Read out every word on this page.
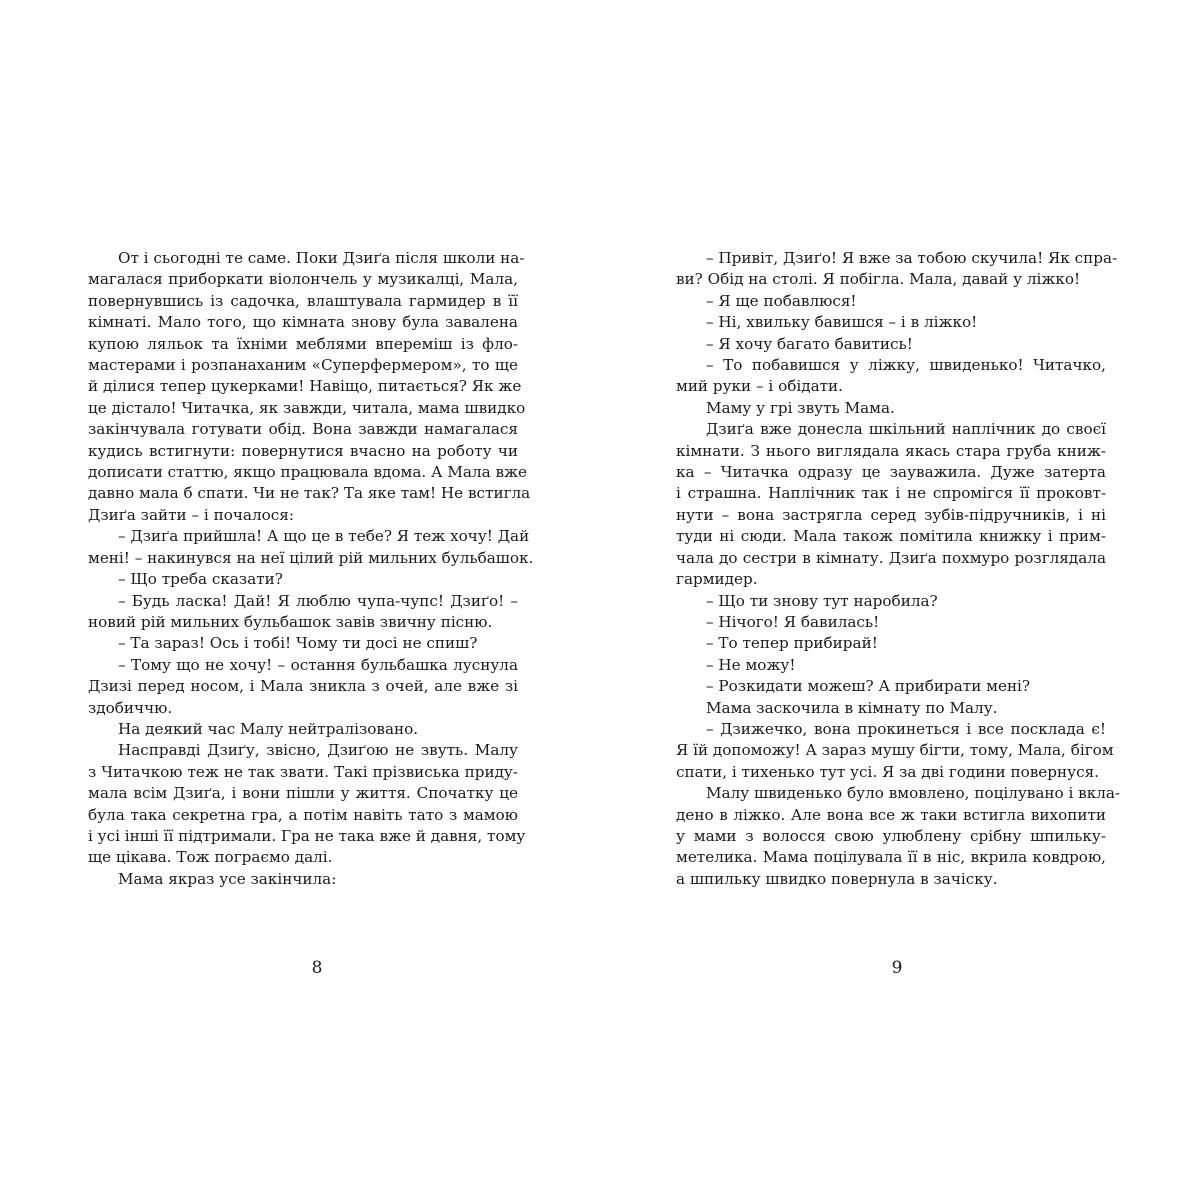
От і сьогодні те саме. Поки Дзиґа після школи на-
магалася приборкати віолончель у музикалці, Мала,
повернувшись із садочка, влаштувала гармидер в її
кімнаті. Мало того, що кімната знову була завалена
купою ляльок та їхніми меблями впереміш із фло-
мастерами і розпанаханим «Суперфермером», то ще
й ділися тепер цукерками! Навіщо, питається? Як же
це дістало! Читачка, як завжди, читала, мама швидко
закінчувала готувати обід. Вона завжди намагалася
кудись встигнути: повернутися вчасно на роботу чи
дописати статтю, якщо працювала вдома. А Мала вже
давно мала б спати. Чи не так? Та яке там! Не встигла
Дзиґа зайти – і почалося:
– Дзиґа прийшла! А що це в тебе? Я теж хочу! Дай
мені! – накинувся на неї цілий рій мильних бульбашок.
– Що треба сказати?
– Будь ласка! Дай! Я люблю чупа-чупс! Дзиґо! –
новий рій мильних бульбашок завів звичну пісню.
– Та зараз! Ось і тобі! Чому ти досі не спиш?
– Тому що не хочу! – остання бульбашка луснула
Дзизі перед носом, і Мала зникла з очей, але вже зі
здобиччю.
На деякий час Малу нейтралізовано.
Насправді Дзиґу, звісно, Дзиґою не звуть. Малу
з Читачкою теж не так звати. Такі прізвиська приду-
мала всім Дзиґа, і вони пішли у життя. Спочатку це
була така секретна гра, а потім навіть тато з мамою
і усі інші її підтримали. Гра не така вже й давня, тому
ще цікава. Тож пограємо далі.
Мама якраз усе закінчила:
8
– Привіт, Дзиґо! Я вже за тобою скучила! Як спра-
ви? Обід на столі. Я побігла. Мала, давай у ліжко!
– Я ще побавлюся!
– Ні, хвильку бавишся – і в ліжко!
– Я хочу багато бавитись!
– То побавишся у ліжку, швиденько! Читачко,
мий руки – і обідати.
Маму у грі звуть Мама.
Дзиґа вже донесла шкільний наплічник до своєї
кімнати. З нього виглядала якась стара груба книж-
ка – Читачка одразу це зауважила. Дуже затерта
і страшна. Наплічник так і не спромігся її проковт-
нути – вона застрягла серед зубів-підручників, і ні
туди ні сюди. Мала також помітила книжку і прим-
чала до сестри в кімнату. Дзиґа похмуро розглядала
гармидер.
– Що ти знову тут наробила?
– Нічого! Я бавилась!
– То тепер прибирай!
– Не можу!
– Розкидати можеш? А прибирати мені?
Мама заскочила в кімнату по Малу.
– Дзижечко, вона прокинеться і все посклада є!
Я їй допоможу! А зараз мушу бігти, тому, Мала, бігом
спати, і тихенько тут усі. Я за дві години повернуся.
Малу швиденько було вмовлено, поцілувано і вкла-
дено в ліжко. Але вона все ж таки встигла вихопити
у мами з волосся свою улюблену срібну шпильку-
метелика. Мама поцілувала її в ніс, вкрила ковдрою,
а шпильку швидко повернула в зачіску.
9
